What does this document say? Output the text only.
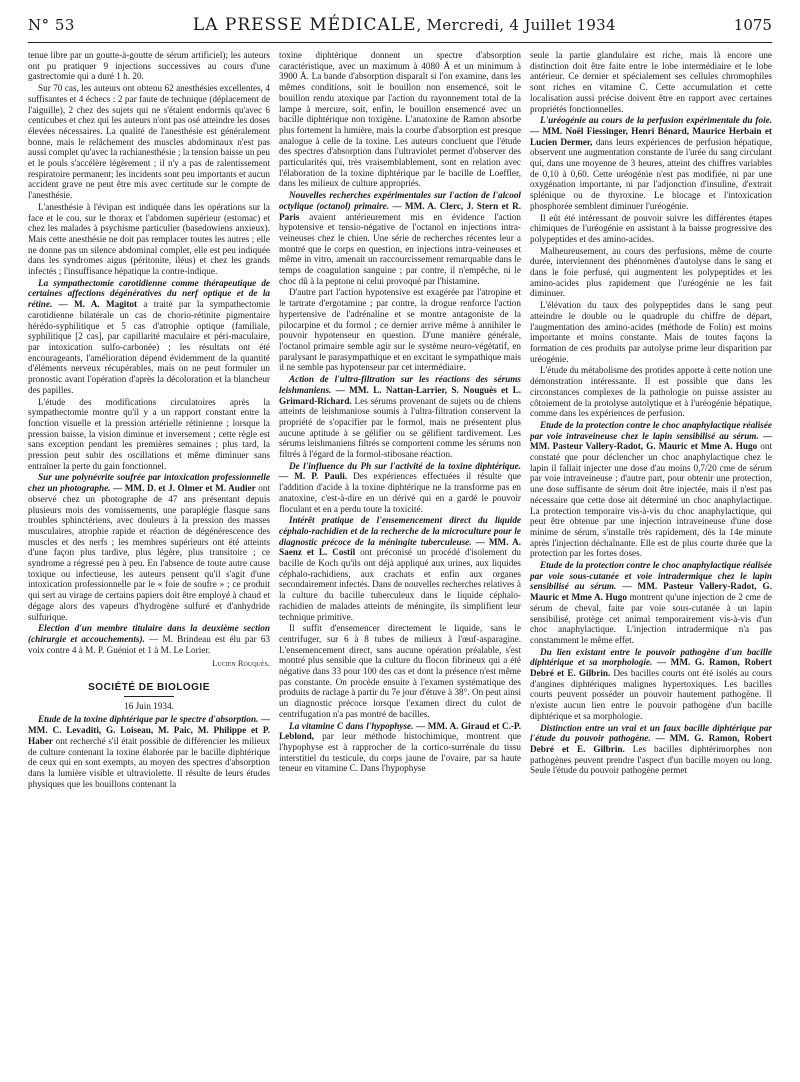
N° 53	LA PRESSE MÉDICALE, Mercredi, 4 Juillet 1934	1075

tenue libre par un goutte-à-goutte de sérum artificiel); les auteurs ont pu pratiquer 9 injections successives au cours d'une gastrectomie qui a duré 1 h. 20.

Sur 70 cas, les auteurs ont obtenu 62 anesthésies excellentes, 4 suffisantes et 4 échecs : 2 par faute de technique (déplacement de l'aiguille), 2 chez des sujets qui ne s'étaient endormis qu'avec 6 centicubes et chez qui les auteurs n'ont pas osé atteindre les doses élevées nécessaires. La qualité de l'anesthésie est généralement bonne, mais le relâchement des muscles abdominaux n'est pas aussi complet qu'avec la rachianesthésie ; la tension baisse un peu et le pouls s'accélère légèrement ; il n'y a pas de ralentissement respiratoire permanent; les incidents sont peu importants et aucun accident grave ne peut être mis avec certitude sur le compte de l'anesthésie.

L'anesthésie à l'évipan est indiquée dans les opérations sur la face et le cou, sur le thorax et l'abdomen supérieur (estomac) et chez les malades à psychisme particulier (basedowiens anxieux). Mais cette anesthésie ne doit pas remplacer toutes les autres ; elle ne donne pas un silence abdominal complet, elle est peu indiquée dans les syndromes aigus (péritonite, iléus) et chez les grands infectés ; l'insuffisance hépatique la contre-indique.

La sympathectomie carotidienne comme thérapeutique de certaines affections dégénératives du nerf optique et de la rétine. — M. A. Magitot a traité par la sympathectomie carotidienne bilatérale un cas de chorio-rétinite pigmentaire hérédo-syphilitique et 5 cas d'atrophie optique (familiale, syphilitique [2 cas], par capillarité maculaire et péri-maculaire, par intoxication sulfo-carbonée) ; les résultats ont été encourageants, l'amélioration dépend évidemment de la quantité d'éléments nerveux récupérables, mais on ne peut formuler un pronostic avant l'opération d'après la décoloration et la blancheur des papilles.

L'étude des modifications circulatoires après la sympathectomie montre qu'il y a un rapport constant entre la fonction visuelle et la pression artérielle rétinienne ; lorsque la pression baisse, la vision diminue et inversement ; cette règle est sans exception pendant les premières semaines ; plus tard, la pression peut subir des oscillations et même diminuer sans entraîner la perte du gain fonctionnel.

Sur une polynévrite soufrée par intoxication professionnelle chez un photographe. — MM. D. et J. Olmer et M. Audier ont observé chez un photographe de 47 ans présentant depuis plusieurs mois des vomissements, une paraplégie flasque sans troubles sphinctériens, avec douleurs à la pression des masses musculaires, atrophie rapide et réaction de dégénérescence des muscles et des nerfs ; les membres supérieurs ont été atteints d'une façon plus tardive, plus légère, plus transitoire ; ce syndrome a régressé peu à peu. En l'absence de toute autre cause toxique ou infectieuse, les auteurs pensent qu'il s'agit d'une intoxication professionnelle par le « foie de soufre » ; ce produit qui sert au virage de certains papiers doit être employé à chaud et dégage alors des vapeurs d'hydrogène sulfuré et d'anhydride sulfurique.

Election d'un membre titulaire dans la deuxième section (chirurgie et accouchements). — M. Brindeau est élu par 63 voix contre 4 à M. P. Guéniot et 1 à M. Le Lorier.

Lucien Rouquès.
SOCIÉTÉ DE BIOLOGIE
16 Juin 1934.

Etude de la toxine diphtérique par le spectre d'absorption. — MM. C. Levaditi, G. Loiseau, M. Paic, M. Philippe et P. Haber ont recherché s'il était possible de différencier les milieux de culture contenant la toxine élaborée par le bacille diphtérique de ceux qui en sont exempts, au moyen des spectres d'absorption dans la lumière visible et ultraviolette. Il résulte de leurs études physiques que les bouillons contenant la

toxine diphtérique donnent un spectre d'absorption caractéristique, avec un maximum à 4080 Å et un minimum à 3900 Å. La bande d'absorption disparaît si l'on examine, dans les mêmes conditions, soit le bouillon non ensemencé, soit le bouillon rendu atoxique par l'action du rayonnement total de la lampe à mercure, soit, enfin, le bouillon ensemencé avec un bacille diphtérique non toxigène. L'anatoxine de Ramon absorbe plus fortement la lumière, mais la courbe d'absorption est presque analogue à celle de la toxine. Les auteurs concluent que l'étude des spectres d'absorption dans l'ultraviolet permet d'observer des particularités qui, très vraisemblablement, sont en relation avec l'élaboration de la toxine diphtérique par le bacille de Loeffler, dans les milieux de culture appropriés.

Nouvelles recherches expérimentales sur l'action de l'alcool octylique (octanol) primaire. — MM. A. Clerc, J. Stern et R. Paris avaient antérieurement mis en évidence l'action hypotensive et tensio-négative de l'octanol en injections intra-veineuses chez le chien. Une série de recherches récentes leur a montré que le corps en question, en injections intra-veineuses et même in vitro, amenait un raccourcissement remarquable dans le temps de coagulation sanguine ; par contre, il n'empêche, ni le choc dû à la peptone ni celui provoqué par l'histamine.

D'autre part l'action hypotensive est exagérée par l'atropine et le tartrate d'ergotamine ; par contre, la drogue renforce l'action hypertensive de l'adrénaline et se montre antagoniste de la pilocarpine et du formol ; ce dernier arrive même à annihiler le pouvoir hypotenseur en question. D'une manière générale, l'octanol primaire semble agir sur le système neuro-végétatif, en paralysant le parasympathique et en excitant le sympathique mais il ne semble pas hypotenseur par cet intermédiaire.

Action de l'ultra-filtration sur les réactions des sérums leishmaniens. — MM. L. Nattan-Larrier, S. Nouguès et L. Grimard-Richard. Les sérums provenant de sujets ou de chiens atteints de leishmaniose soumis à l'ultra-filtration conservent la propriété de s'opacifier par le formol, mais ne présentent plus aucune aptitude à se gélifier ou se gélifient tardivement. Les sérums leishmaniens filtrés se comportent comme les sérums non filtrés à l'égard de la formol-stibosane réaction.

De l'influence du Ph sur l'activité de la toxine diphtérique. — M. P. Pauli. Des expériences effectuées il résulte que l'addition d'acide à la toxine diphtérique ne la transforme pas en anatoxine, c'est-à-dire en un dérivé qui en a gardé le pouvoir floculant et en a perdu toute la toxicité.

Intérêt pratique de l'ensemencement direct du liquide céphalo-rachidien et de la recherche de la microculture pour le diagnostic précoce de la méningite tuberculeuse. — MM. A. Saenz et L. Costil ont préconisé un procédé d'isolement du bacille de Koch qu'ils ont déjà appliqué aux urines, aux liquides céphalo-rachidiens, aux crachats et enfin aux organes secondairement infectés. Dans de nouvelles recherches relatives à la culture du bacille tuberculeux dans le liquide céphalo-rachidien de malades atteints de méningite, ils simplifient leur technique primitive.

Il suffit d'ensemencer directement le liquide, sans le centrifuger, sur 6 à 8 tubes de milieux à l'œuf-asparagine. L'ensemencement direct, sans aucune opération préalable, s'est montré plus sensible que la culture du flocon fibrineux qui a été négative dans 33 pour 100 des cas et dont la présence n'est même pas constante. On procède ensuite à l'examen systématique des produits de raclage à partir du 7e jour d'étuve à 38°. On peut ainsi un diagnostic précoce lorsque l'examen direct du culot de centrifugation n'a pas montré de bacilles.

La vitamine C dans l'hypophyse. — MM. A. Giraud et C.-P. Leblond, par leur méthode histochimique, montrent que l'hypophyse est à rapprocher de la cortico-surrénale du tissu interstitiel du testicule, du corps jaune de l'ovaire, par sa haute teneur en vitamine C. Dans l'hypophyse

seule la partie glandulaire est riche, mais là encore une distinction doit être faite entre le lobe intermédiaire et le lobe antérieur. Ce dernier et spécialement ses cellules chromophiles sont riches en vitamine C. Cette accumulation et cette localisation aussi précise doivent être en rapport avec certaines propriétés fonctionnelles.

L'uréogénie au cours de la perfusion expérimentale du foie. — MM. Noël Fiessinger, Henri Bénard, Maurice Herbain et Lucien Dermer, dans leurs expériences de perfusion hépatique, observent une augmentation constante de l'urée du sang circulant qui, dans une moyenne de 3 heures, atteint des chiffres variables de 0,10 à 0,60. Cette uréogénie n'est pas modifiée, ni par une oxygénation importante, ni par l'adjonction d'insuline, d'extrait splénique ou de thyroxine. Le blocage et l'intoxication phosphorée semblent diminuer l'uréogénie.

Il eût été intéressant de pouvoir suivre les différentes étapes chimiques de l'uréogénie en assistant à la baisse progressive des polypeptides et des amino-acides.

Malheureusement, au cours des perfusions, même de courte durée, interviennent des phénomènes d'autolyse dans le sang et dans le foie perfusé, qui augmentent les polypeptides et les amino-acides plus rapidement que l'uréogénie ne les fait diminuer.

L'élévation du taux des polypeptides dans le sang peut atteindre le double ou le quadruple du chiffre de départ, l'augmentation des amino-acides (méthode de Folin) est moins importante et moins constante. Mais de toutes façons la formation de ces produits par autolyse prime leur disparition par uréogénie.

L'étude du métabolisme des protides apporte à cette notion une démonstration intéressante. Il est possible que dans les circonstances complexes de la pathologie on puisse assister au côtoiement de la protolyse autolytique et à l'uréogénie hépatique, comme dans les expériences de perfusion.

Etude de la protection contre le choc anaphylactique réalisée par voie intraveineuse chez le lapin sensibilisé au sérum. — MM. Pasteur Vallery-Radot, G. Mauric et Mme A. Hugo ont constaté que pour déclencher un choc anaphylactique chez le lapin il fallait injecter une dose d'au moins 0,7/20 cme de sérum par voie intraveineuse ; d'autre part, pour obtenir une protection, une dose suffisante de sérum doit être injectée, mais il n'est pas nécessaire que cette dose ait déterminé un choc anaphylactique. La protection temporaire vis-à-vis du choc anaphylactique, qui peut être obtenue par une injection intraveineuse d'une dose minime de sérum, s'installe très rapidement, dès la 14e minute après l'injection déchaînante. Elle est de plus courte durée que la protection par les fortes doses.

Etude de la protection contre le choc anaphylactique réalisée par voie sous-cutanée et voie intradermique chez le lapin sensibilisé au sérum. — MM. Pasteur Vallery-Radot, G. Mauric et Mme A. Hugo montrent qu'une injection de 2 cme de sérum de cheval, faite par voie sous-cutanée à un lapin sensibilisé, protège cet animal temporairement vis-à-vis d'un choc anaphylactique. L'injection intradermique n'a pas constamment le même effet.

Du lien existant entre le pouvoir pathogène d'un bacille diphtérique et sa morphologie. — MM. G. Ramon, Robert Debré et E. Gilbrin. Des bacilles courts ont été isolés au cours d'angines diphtériques malignes hypertoxiques. Les bacilles courts peuvent posséder un pouvoir hautement pathogène. Il n'existe aucun lien entre le pouvoir pathogène d'un bacille diphtérique et sa morphologie.

Distinction entre un vrai et un faux bacille diphtérique par l'étude du pouvoir pathogène. — MM. G. Ramon, Robert Debré et E. Gilbrin. Les bacilles diphtérimorphes non pathogènes peuvent prendre l'aspect d'un bacille moyen ou long. Seule l'étude du pouvoir pathogène permet
